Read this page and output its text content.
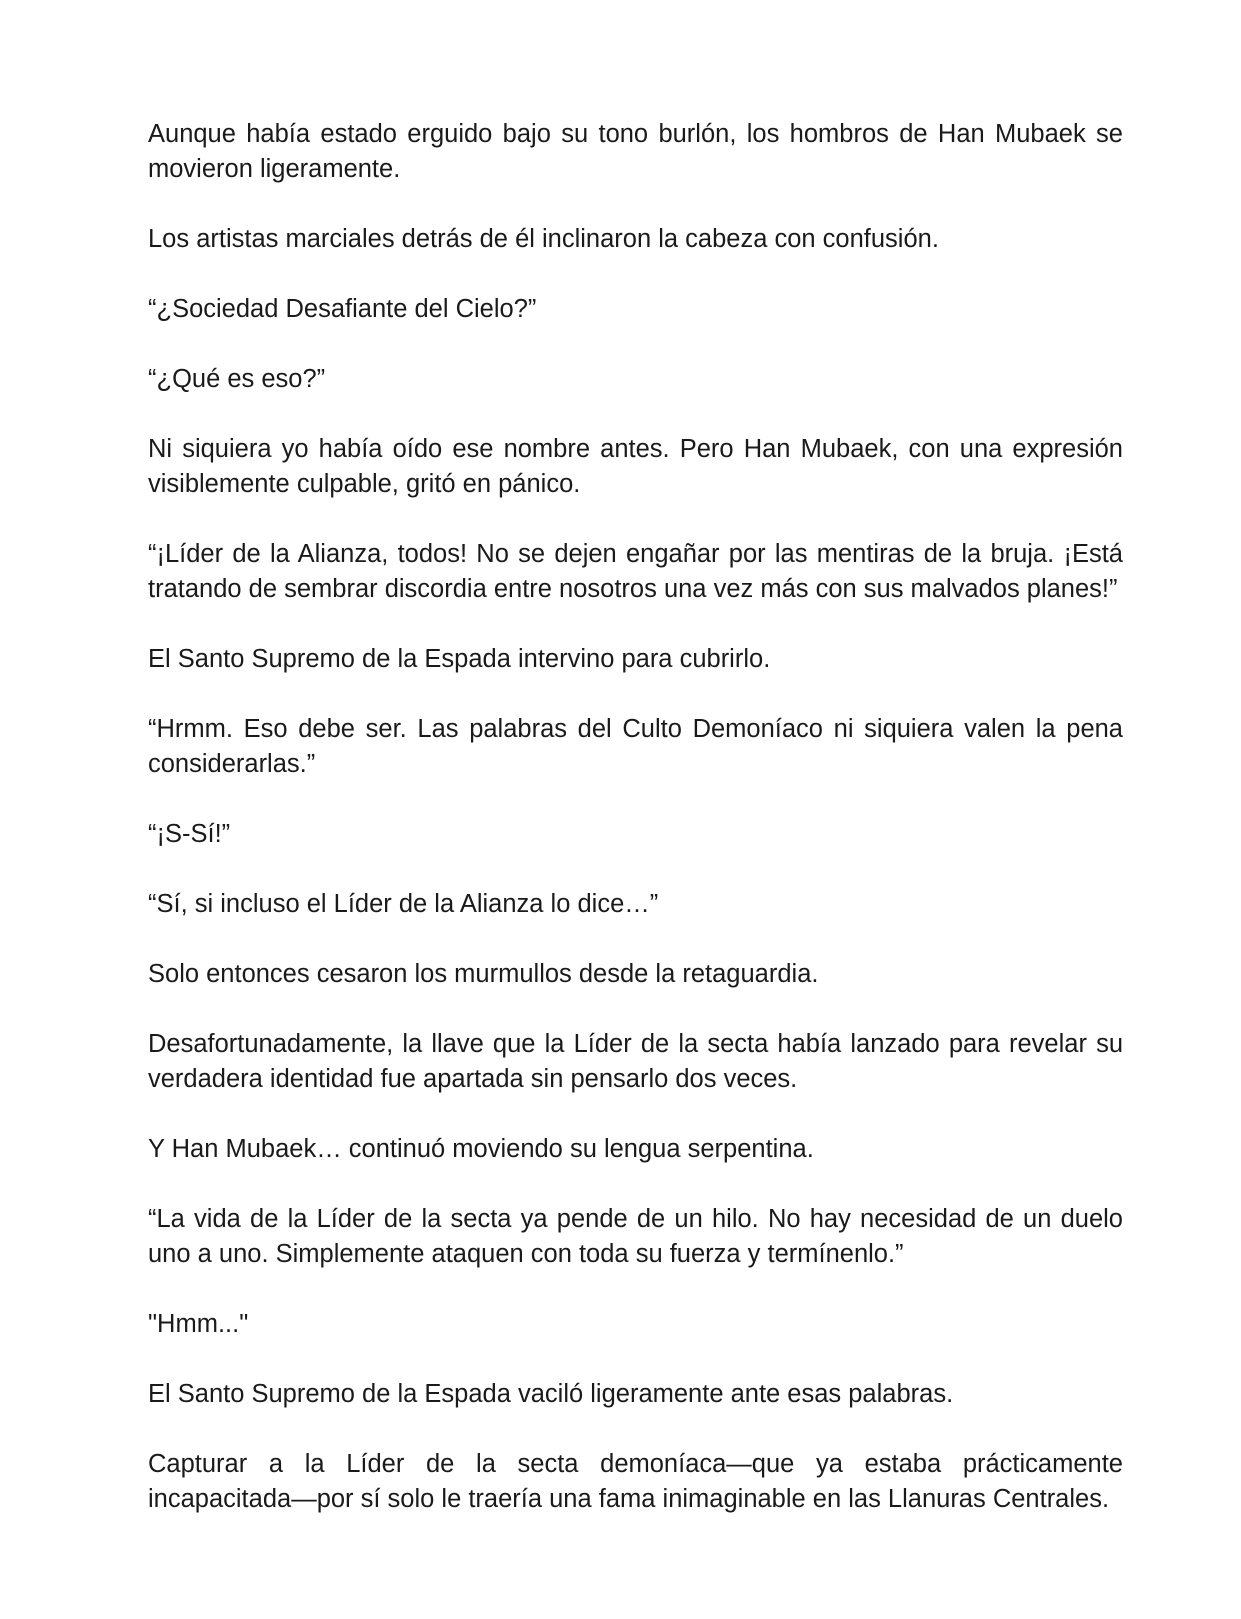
Aunque había estado erguido bajo su tono burlón, los hombros de Han Mubaek se movieron ligeramente.

Los artistas marciales detrás de él inclinaron la cabeza con confusión.

“¿Sociedad Desafiante del Cielo?”

“¿Qué es eso?”

Ni siquiera yo había oído ese nombre antes. Pero Han Mubaek, con una expresión visiblemente culpable, gritó en pánico.

“¡Líder de la Alianza, todos! No se dejen engañar por las mentiras de la bruja. ¡Está tratando de sembrar discordia entre nosotros una vez más con sus malvados planes!”

El Santo Supremo de la Espada intervino para cubrirlo.

“Hrmm. Eso debe ser. Las palabras del Culto Demoníaco ni siquiera valen la pena considerarlas.”

“¡S-Sí!”

“Sí, si incluso el Líder de la Alianza lo dice…”

Solo entonces cesaron los murmullos desde la retaguardia.

Desafortunadamente, la llave que la Líder de la secta había lanzado para revelar su verdadera identidad fue apartada sin pensarlo dos veces.

Y Han Mubaek… continuó moviendo su lengua serpentina.

“La vida de la Líder de la secta ya pende de un hilo. No hay necesidad de un duelo uno a uno. Simplemente ataquen con toda su fuerza y termínenlo.”

"Hmm..."

El Santo Supremo de la Espada vaciló ligeramente ante esas palabras.

Capturar a la Líder de la secta demoníaca—que ya estaba prácticamente incapacitada—por sí solo le traería una fama inimaginable en las Llanuras Centrales.
